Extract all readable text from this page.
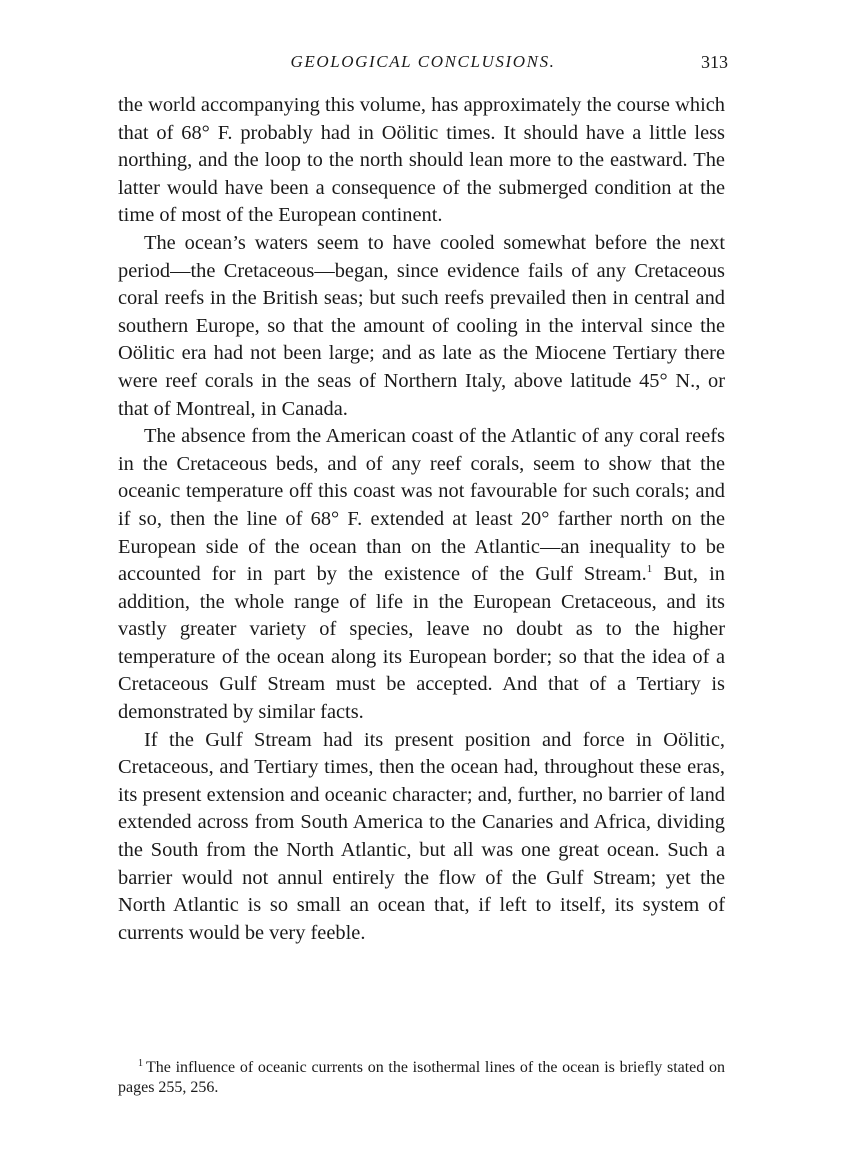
GEOLOGICAL CONCLUSIONS.	313

the world accompanying this volume, has approximately the course which that of 68° F. probably had in Oölitic times. It should have a little less northing, and the loop to the north should lean more to the eastward. The latter would have been a consequence of the submerged condition at the time of most of the European continent.

The ocean’s waters seem to have cooled somewhat before the next period—the Cretaceous—began, since evidence fails of any Cretaceous coral reefs in the British seas; but such reefs prevailed then in central and southern Europe, so that the amount of cooling in the interval since the Oölitic era had not been large; and as late as the Miocene Tertiary there were reef corals in the seas of Northern Italy, above latitude 45° N., or that of Montreal, in Canada.

The absence from the American coast of the Atlantic of any coral reefs in the Cretaceous beds, and of any reef corals, seem to show that the oceanic temperature off this coast was not favourable for such corals; and if so, then the line of 68° F. extended at least 20° farther north on the European side of the ocean than on the Atlantic—an inequality to be accounted for in part by the existence of the Gulf Stream.$^1$ But, in addition, the whole range of life in the European Cretaceous, and its vastly greater variety of species, leave no doubt as to the higher temperature of the ocean along its European border; so that the idea of a Cretaceous Gulf Stream must be accepted. And that of a Tertiary is demonstrated by similar facts.

If the Gulf Stream had its present position and force in Oölitic, Cretaceous, and Tertiary times, then the ocean had, throughout these eras, its present extension and oceanic character; and, further, no barrier of land extended across from South America to the Canaries and Africa, dividing the South from the North Atlantic, but all was one great ocean. Such a barrier would not annul entirely the flow of the Gulf Stream; yet the North Atlantic is so small an ocean that, if left to itself, its system of currents would be very feeble.

$^1$ The influence of oceanic currents on the isothermal lines of the ocean is briefly stated on pages 255, 256.
